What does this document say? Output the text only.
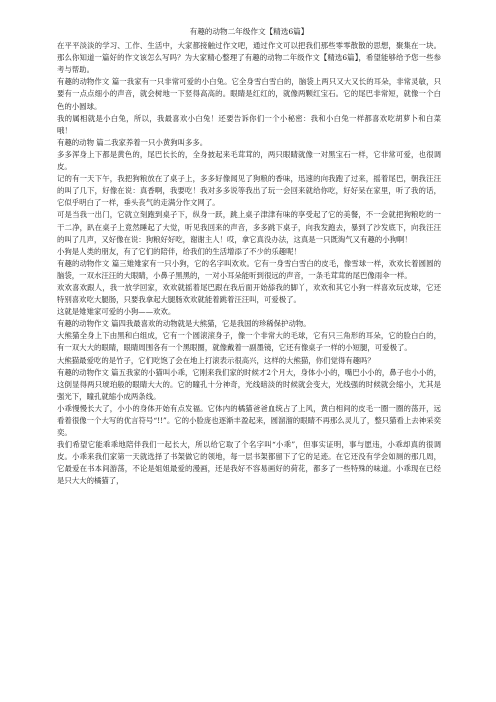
有趣的动物二年级作文【精选6篇】

在平平淡淡的学习、工作、生活中，大家都接触过作文吧，通过作文可以把我们那些零零散散的思想，聚集在一块。那么你知道一篇好的作文该怎么写吗？为大家精心整理了有趣的动物二年级作文【精选6篇】，希望能够给予您一些参考与帮助。

有趣的动物作文 篇一我家有一只非常可爱的小白兔。它全身雪白雪白的，脑袋上两只又大又长的耳朵，非常灵敏，只要有一点点细小的声音，就会树地一下竖得高高的。眼睛是红红的，就像两颗红宝石。它的尾巴非常短，就像一个白色的小圆球。

我的属相就是小白兔，所以，我最喜欢小白兔！还要告诉你们一个小秘密：我和小白兔一样都喜欢吃胡萝卜和白菜哦！

有趣的动物 篇二我家养着一只小黄狗叫多多。

多多浑身上下都是黄色的，尾巴长长的，全身披起来毛茸茸的，两只眼睛就像一对黑宝石一样，它非常可爱，也很调皮。

记的有一天下午，我把狗粮放在了桌子上，多多好像闻见了狗粮的香味，迅速的向我跑了过来，摇着尾巴，朝我汪汪的叫了几下，好像在说：真香啊，我要吃！我对多多说等我出了玩一会回来就给你吃，好好呆在家里，听了我的话，它似乎明白了一样，垂头丧气的走满分作文网了。

可是当我一出门，它就立刻跑到桌子下，纵身一跃，跳上桌子津津有味的享受起了它的美餐，不一会就把狗粮吃的一干二净，趴在桌子上竟然睡起了大觉，听见我回来的声音，多多跳下桌子，向我发跑去，暴到了沙发底下，向我汪汪的叫了几声，又好像在说：狗粮好好吃，谢谢主人！哎，拿它真没办法，这真是一只既淘气又有趣的小狗啊！

小狗是人类的朋友，有了它们的陪伴，给我们的生活增添了不少的乐趣呢！

有趣的动物作文 篇三雉雉家有一只小狗，它的名字叫欢欢。它有一身雪白雪白的皮毛，像雪球一样，欢欢长着圆圆的脑袋，一双水汪汪的大眼睛，小鼻子黑黑的，一对小耳朵能听到很远的声音，一条毛茸茸的尾巴像雨伞一样。

欢欢喜欢跟人，我一放学回家，欢欢就摇着尾巴跟在我后面开始舔我的脚丫，欢欢和其它小狗一样喜欢玩皮球，它还特别喜欢吃大腿肠，只要我拿起大腿肠欢欢就能着跳着汪汪叫，可爱极了。

这就是雉雉家可爱的小狗——欢欢。

有趣的动物作文 篇四我最喜欢的动物就是大熊猫，它是我国的珍稀保护动物。

大熊猫全身上下由黑和白组成，它有一个圆滚滚身子，像一个非常大的毛球，它有只三角形的耳朵，它的脸白白的，有一双大大的眼睛，眼睛周围各有一个黑眼圈，就像戴着一副墨镜，它还有像桌子一样的小短腿，可爱极了。

大熊猫最爱吃的是竹子，它们吃饱了会在地上打滚表示很高兴，这样的大熊猫，你们觉得有趣吗？

有趣的动物作文 篇五我家的小猫叫小乖，它刚来我们家的时候才2个月大，身体小小的，嘴巴小小的，鼻子也小小的，这倒显得两只琥珀般的眼睛大大的。它的瞳孔十分神奇，光线暗淡的时候就会变大，光线强的时候就会缩小，尤其是强光下，瞳孔就缩小成两条线。

小乖慢慢长大了，小小的身体开始有点发福。它体内的橘猫爸爸血统占了上风，黄白相间的皮毛一圈一圈的荡开，远看着很像一个大写的优言符号“!!”。它的小脸庞也逐渐丰盈起来，圆溜溜的眼睛不再那么灵儿了，整只猫看上去神采奕奕。

我们希望它能乖乖地陪伴我们一起长大，所以给它取了个名字叫“小乖”，但事实证明，事与愿违，小乖却真的很调皮。小乖来我们家第一天就选择了书架做它的领地，每一层书架都留下了它的足迹。在它还没有学会如厕的那几周，它最爱在书本间游荡，不论是姐姐最爱的漫画，还是我好不容易画好的荷花，都多了一些特殊的味道。小乖现在已经是只大大的橘猫了，
